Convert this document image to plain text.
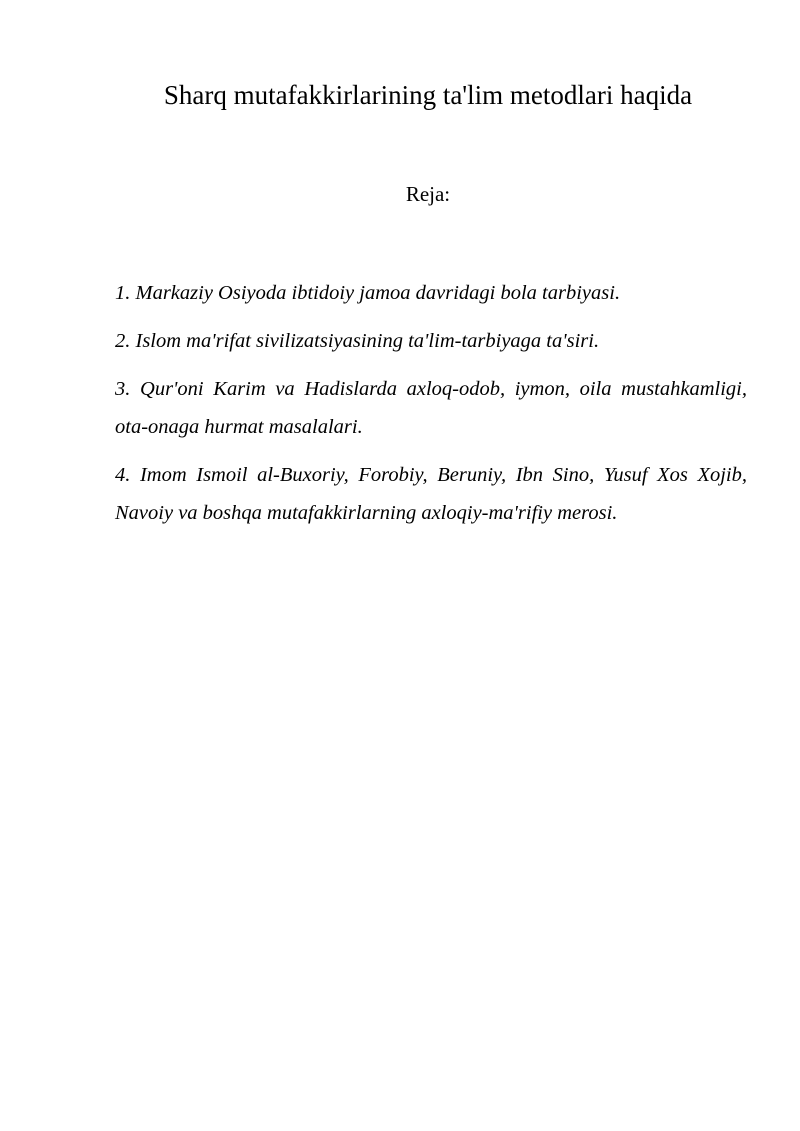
Sharq mutafakkirlarining ta'lim metodlari haqida

Reja:

1. Markaziy Osiyoda ibtidoiy jamoa davridagi bola tarbiyasi.
2. Islom ma'rifat sivilizatsiyasining ta'lim-tarbiyaga ta'siri.
3. Qur'oni Karim va Hadislarda axloq-odob, iymon, oila mustahkamligi, ota-onaga hurmat masalalari.
4. Imom Ismoil al-Buxoriy, Forobiy, Beruniy, Ibn Sino, Yusuf Xos Xojib, Navoiy va boshqa mutafakkirlarning axloqiy-ma'rifiy merosi.
